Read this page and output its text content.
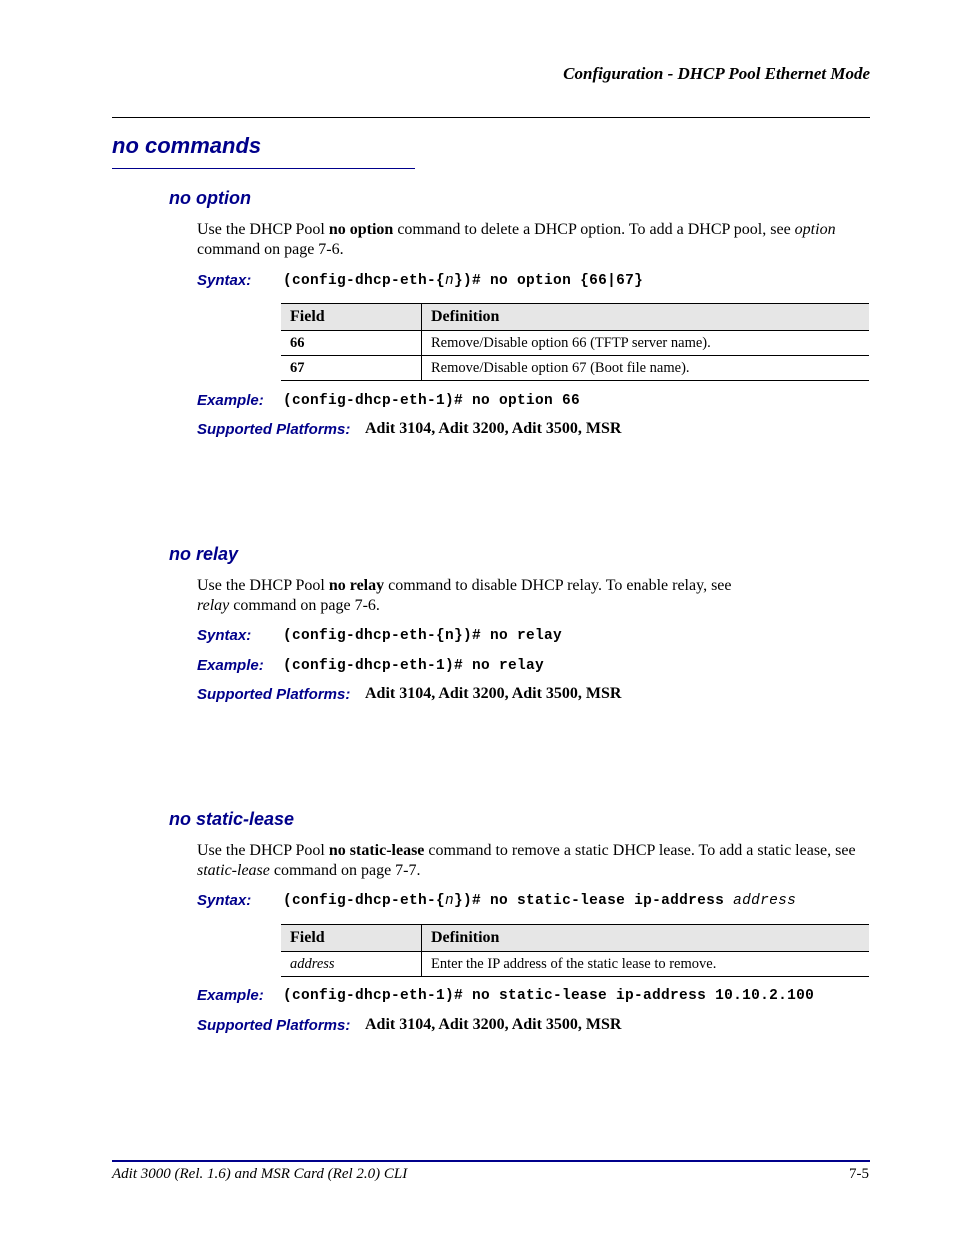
Configuration - DHCP Pool Ethernet Mode
no commands
no option
Use the DHCP Pool no option command to delete a DHCP option. To add a DHCP pool, see option command on page 7-6.
Syntax: (config-dhcp-eth-{n})# no option {66|67}
Field	Definition
66	Remove/Disable option 66 (TFTP server name).
67	Remove/Disable option 67 (Boot file name).
Example: (config-dhcp-eth-1)# no option 66
Supported Platforms: Adit 3104, Adit 3200, Adit 3500, MSR
no relay
Use the DHCP Pool no relay command to disable DHCP relay. To enable relay, see
relay command on page 7-6.
Syntax: (config-dhcp-eth-{n})# no relay
Example: (config-dhcp-eth-1)# no relay
Supported Platforms: Adit 3104, Adit 3200, Adit 3500, MSR
no static-lease
Use the DHCP Pool no static-lease command to remove a static DHCP lease. To add a static lease, see static-lease command on page 7-7.
Syntax: (config-dhcp-eth-{n})# no static-lease ip-address address
Field	Definition
address	Enter the IP address of the static lease to remove.
Example: (config-dhcp-eth-1)# no static-lease ip-address 10.10.2.100
Supported Platforms: Adit 3104, Adit 3200, Adit 3500, MSR
Adit 3000 (Rel. 1.6) and MSR Card (Rel 2.0) CLI	7-5
